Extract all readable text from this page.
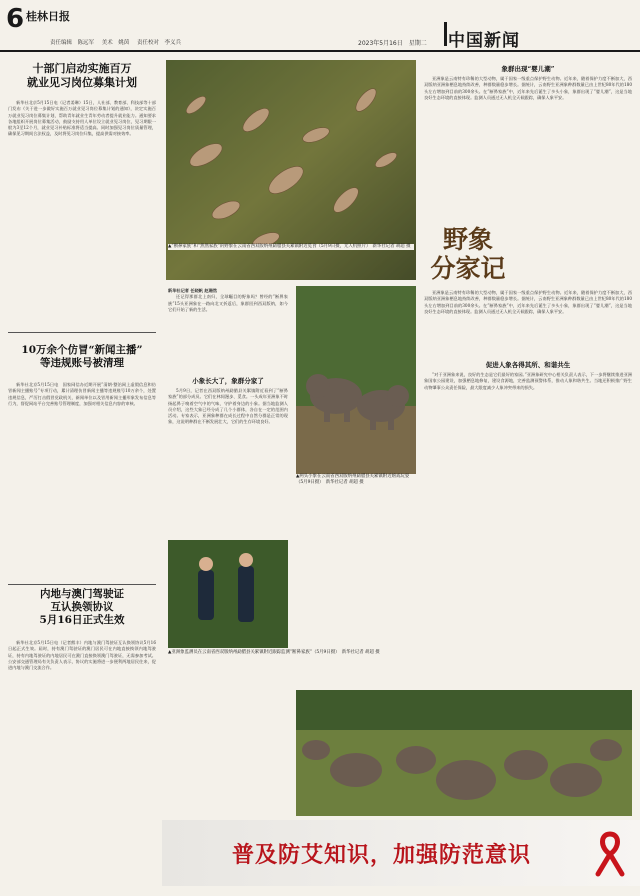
6 桂林日报
责任编辑　陈远军 美术　姚茵 责任校对　李义兵	2023年5月16日　星期二 中国新闻
十部门启动实施百万
就业见习岗位募集计划

新华社北京5月15日电（记者姜琳）15日，人社部、教育部、科技部等十部门发布《关于进一步做好实施百万就业见习岗位募集计划的通知》，决定实施百万就业见习岗位募集计划，帮助青年就业生青年劳动者提升就业能力。通知要求各地组织开展岗位募集活动，鼓励支持用人单位设立就业见习岗位，见习期限一般为3至12个月，就业见习补贴标准将适当提高。同时加强见习岗位质量管理，确保见习期间合法权益，及时将见习岗位归集，提高供需对接效率。

10万余个仿冒“新闻主播”
等违规账号被清理

新华社北京5月15日电　国家网信办近期开展“清朗·整治网上虚假信息和仿冒新闻主播账号”专项行动，累计清理仿冒新闻主播等违规账号10万余个，处置违规信息，严厉打击假冒党政机关、新闻单位以及冒用新闻主播形象发布信息等行为，督促网站平台完善账号管理制度，加强对相关信息内容的审核。

内地与澳门驾驶证
互认换领协议
5月16日正式生效

新华社北京5月15日电（记者熊丰）内地与澳门驾驶证互认换领协议5月16日起正式生效。届时，持有澳门驾驶证的澳门居民可在内地直接换领内地驾驶证，持有内地驾驶证的内地居民可在澳门直接换领澳门驾驶证，无需参加考试。公安部交通管理局有关负责人表示，协议的实施将进一步便利两地居民往来，促进内地与澳门交流合作。

▲“断鼻家族”和“然然家族”的野象在云南省西双版纳州勐腊县关累镇附近觅食（5月9日摄，无人机照片）　新华社记者 胡超 摄
象群出现“婴儿潮”

亚洲象是云南特有珍稀的大型动物，属于国家一级重点保护野生动物。近年来，随着保护力度不断加大，西双版纳亚洲象栖息地持续改善，种群数量稳步增长。据统计，云南野生亚洲象种群数量已由上世纪80年代的180头左右增加到目前的300余头。在“断鼻家族”中，近年来先后诞生了多头小象，象群出现了“婴儿潮”，这是当地良好生态环境的直接体现。监测人员通过无人机全天候跟踪，确保人象平安。

野象
分家记

新华社记者 任晓帆 赵珊然

还记得那群北上南归，全球瞩目的野象吗？曾经的“断鼻家族”15头亚洲象在一路向北又折返后，象群回到西双版纳，如今它们开始了新的生活。

小象长大了，象群分家了

5月9日，记者在西双版纳州勐腊县关累镇附近看到了“断鼻家族”的部分成员。它们在林间漫步、觅食。一头成年亚洲象不时扬起鼻子嗅着空气中的气味，守护着身边的小象。据当地监测人员介绍，这些大象已经分成了几个小群体，各自在一定的范围内活动。专家表示，亚洲象种群在成长过程中自然分群是正常的现象，这说明种群在不断发展壮大，它们的生存环境良好。

▲两头小象在云南省西双版纳州勐腊县关累镇附近嬉戏玩耍（5月9日摄）　新华社记者 胡超 摄

亚洲象是云南特有珍稀的大型动物，属于国家一级重点保护野生动物。近年来，随着保护力度不断加大，西双版纳亚洲象栖息地持续改善，种群数量稳步增长。据统计，云南野生亚洲象种群数量已由上世纪80年代的180头左右增加到目前的300余头。在“断鼻家族”中，近年来先后诞生了多头小象，象群出现了“婴儿潮”，这是当地良好生态环境的直接体现。监测人员通过无人机全天候跟踪，确保人象平安。

促进人象各得其所、和谐共生

“对于亚洲象来说，良好的生态是它们最好的家园。”亚洲象研究中心相关负责人表示，下一步将继续推进亚洲象国家公园建设，加强栖息地修复，建设食源地，完善监测预警体系，推动人象和谐共生。当地还积极推广野生动物肇事公众责任保险，最大限度减少人象冲突带来的损失。

▲亚洲象监测员在云南省西双版纳州勐腊县关累镇附近跟踪监测“断鼻家族”（5月9日摄）　新华社记者 胡超 摄
普及防艾知识，加强防范意识
